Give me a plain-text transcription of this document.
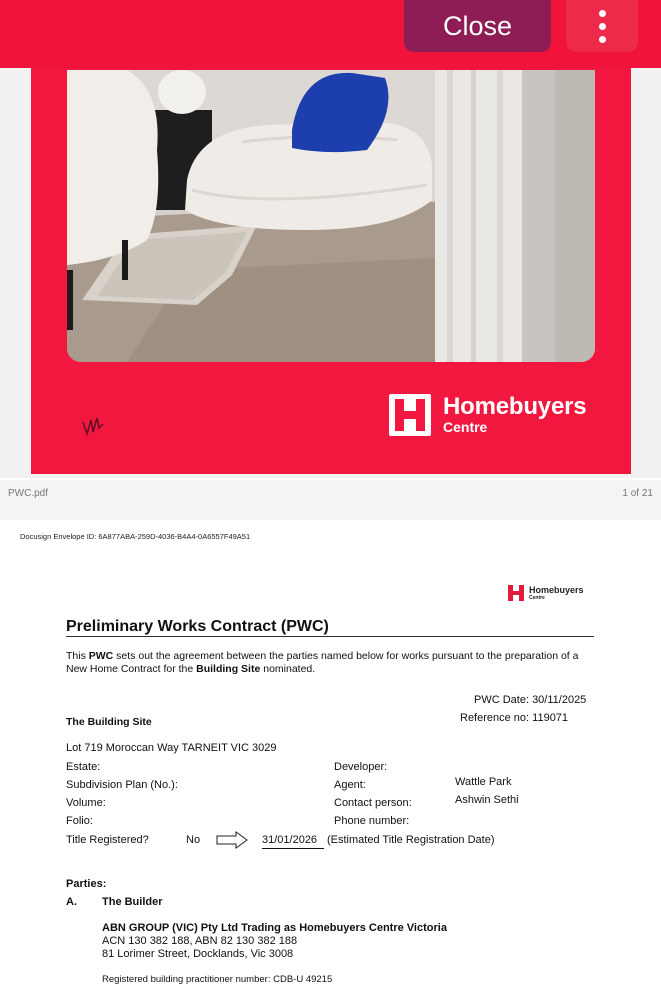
Close
Homebuyers
Centre
PWC.pdf	1 of 21
Docusign Envelope ID: 6A877ABA-259D-4036-B4A4-0A6557F49A51
Homebuyers
Centre
Preliminary Works Contract (PWC)
This PWC sets out the agreement between the parties named below for works pursuant to the preparation of a New Home Contract for the Building Site nominated.
PWC Date: 30/11/2025
Reference no: 119071
The Building Site
Lot 719 Moroccan Way TARNEIT VIC 3029
Estate:
Subdivision Plan (No.):
Volume:
Folio:
Title Registered?	No	31/01/2026 (Estimated Title Registration Date)
Developer:
Agent:	Wattle Park
Contact person:	Ashwin Sethi
Phone number:
Parties:
A. The Builder
ABN GROUP (VIC) Pty Ltd Trading as Homebuyers Centre Victoria
ACN 130 382 188, ABN 82 130 382 188
81 Lorimer Street, Docklands, Vic 3008
Registered building practitioner number: CDB-U 49215
